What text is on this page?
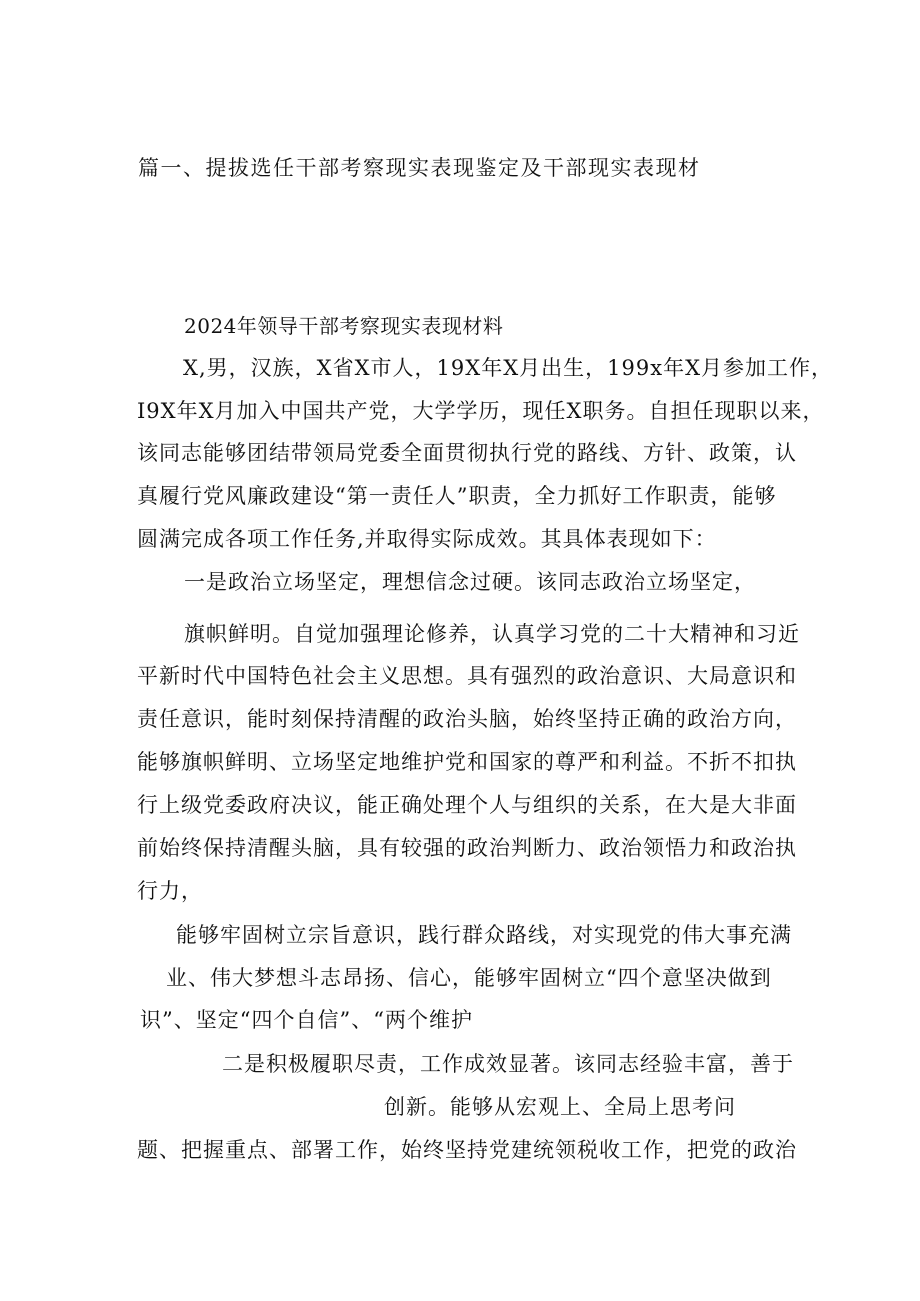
篇一、提拔选任干部考察现实表现鉴定及干部现实表现材
2024年领导干部考察现实表现材料
X,男，汉族，X省X市人，19X年X月出生，199x年X月参加工作，
I9X年X月加入中国共产党，大学学历，现任X职务。自担任现职以来，
该同志能够团结带领局党委全面贯彻执行党的路线、方针、政策，认
真履行党风廉政建设“第一责任人”职责，全力抓好工作职责，能够
圆满完成各项工作任务,并取得实际成效。其具体表现如下：
一是政治立场坚定，理想信念过硬。该同志政治立场坚定，
旗帜鲜明。自觉加强理论修养，认真学习党的二十大精神和习近
平新时代中国特色社会主义思想。具有强烈的政治意识、大局意识和
责任意识，能时刻保持清醒的政治头脑，始终坚持正确的政治方向，
能够旗帜鲜明、立场坚定地维护党和国家的尊严和利益。不折不扣执
行上级党委政府决议，能正确处理个人与组织的关系，在大是大非面
前始终保持清醒头脑，具有较强的政治判断力、政治领悟力和政治执
行力，
能够牢固树立宗旨意识，践行群众路线，对实现党的伟大事充满
业、伟大梦想斗志昂扬、信心，能够牢固树立“四个意坚决做到
识”、坚定“四个自信”、“两个维护
二是积极履职尽责，工作成效显著。该同志经验丰富，善于
创新。能够从宏观上、全局上思考问
题、把握重点、部署工作，始终坚持党建统领税收工作，把党的政治
